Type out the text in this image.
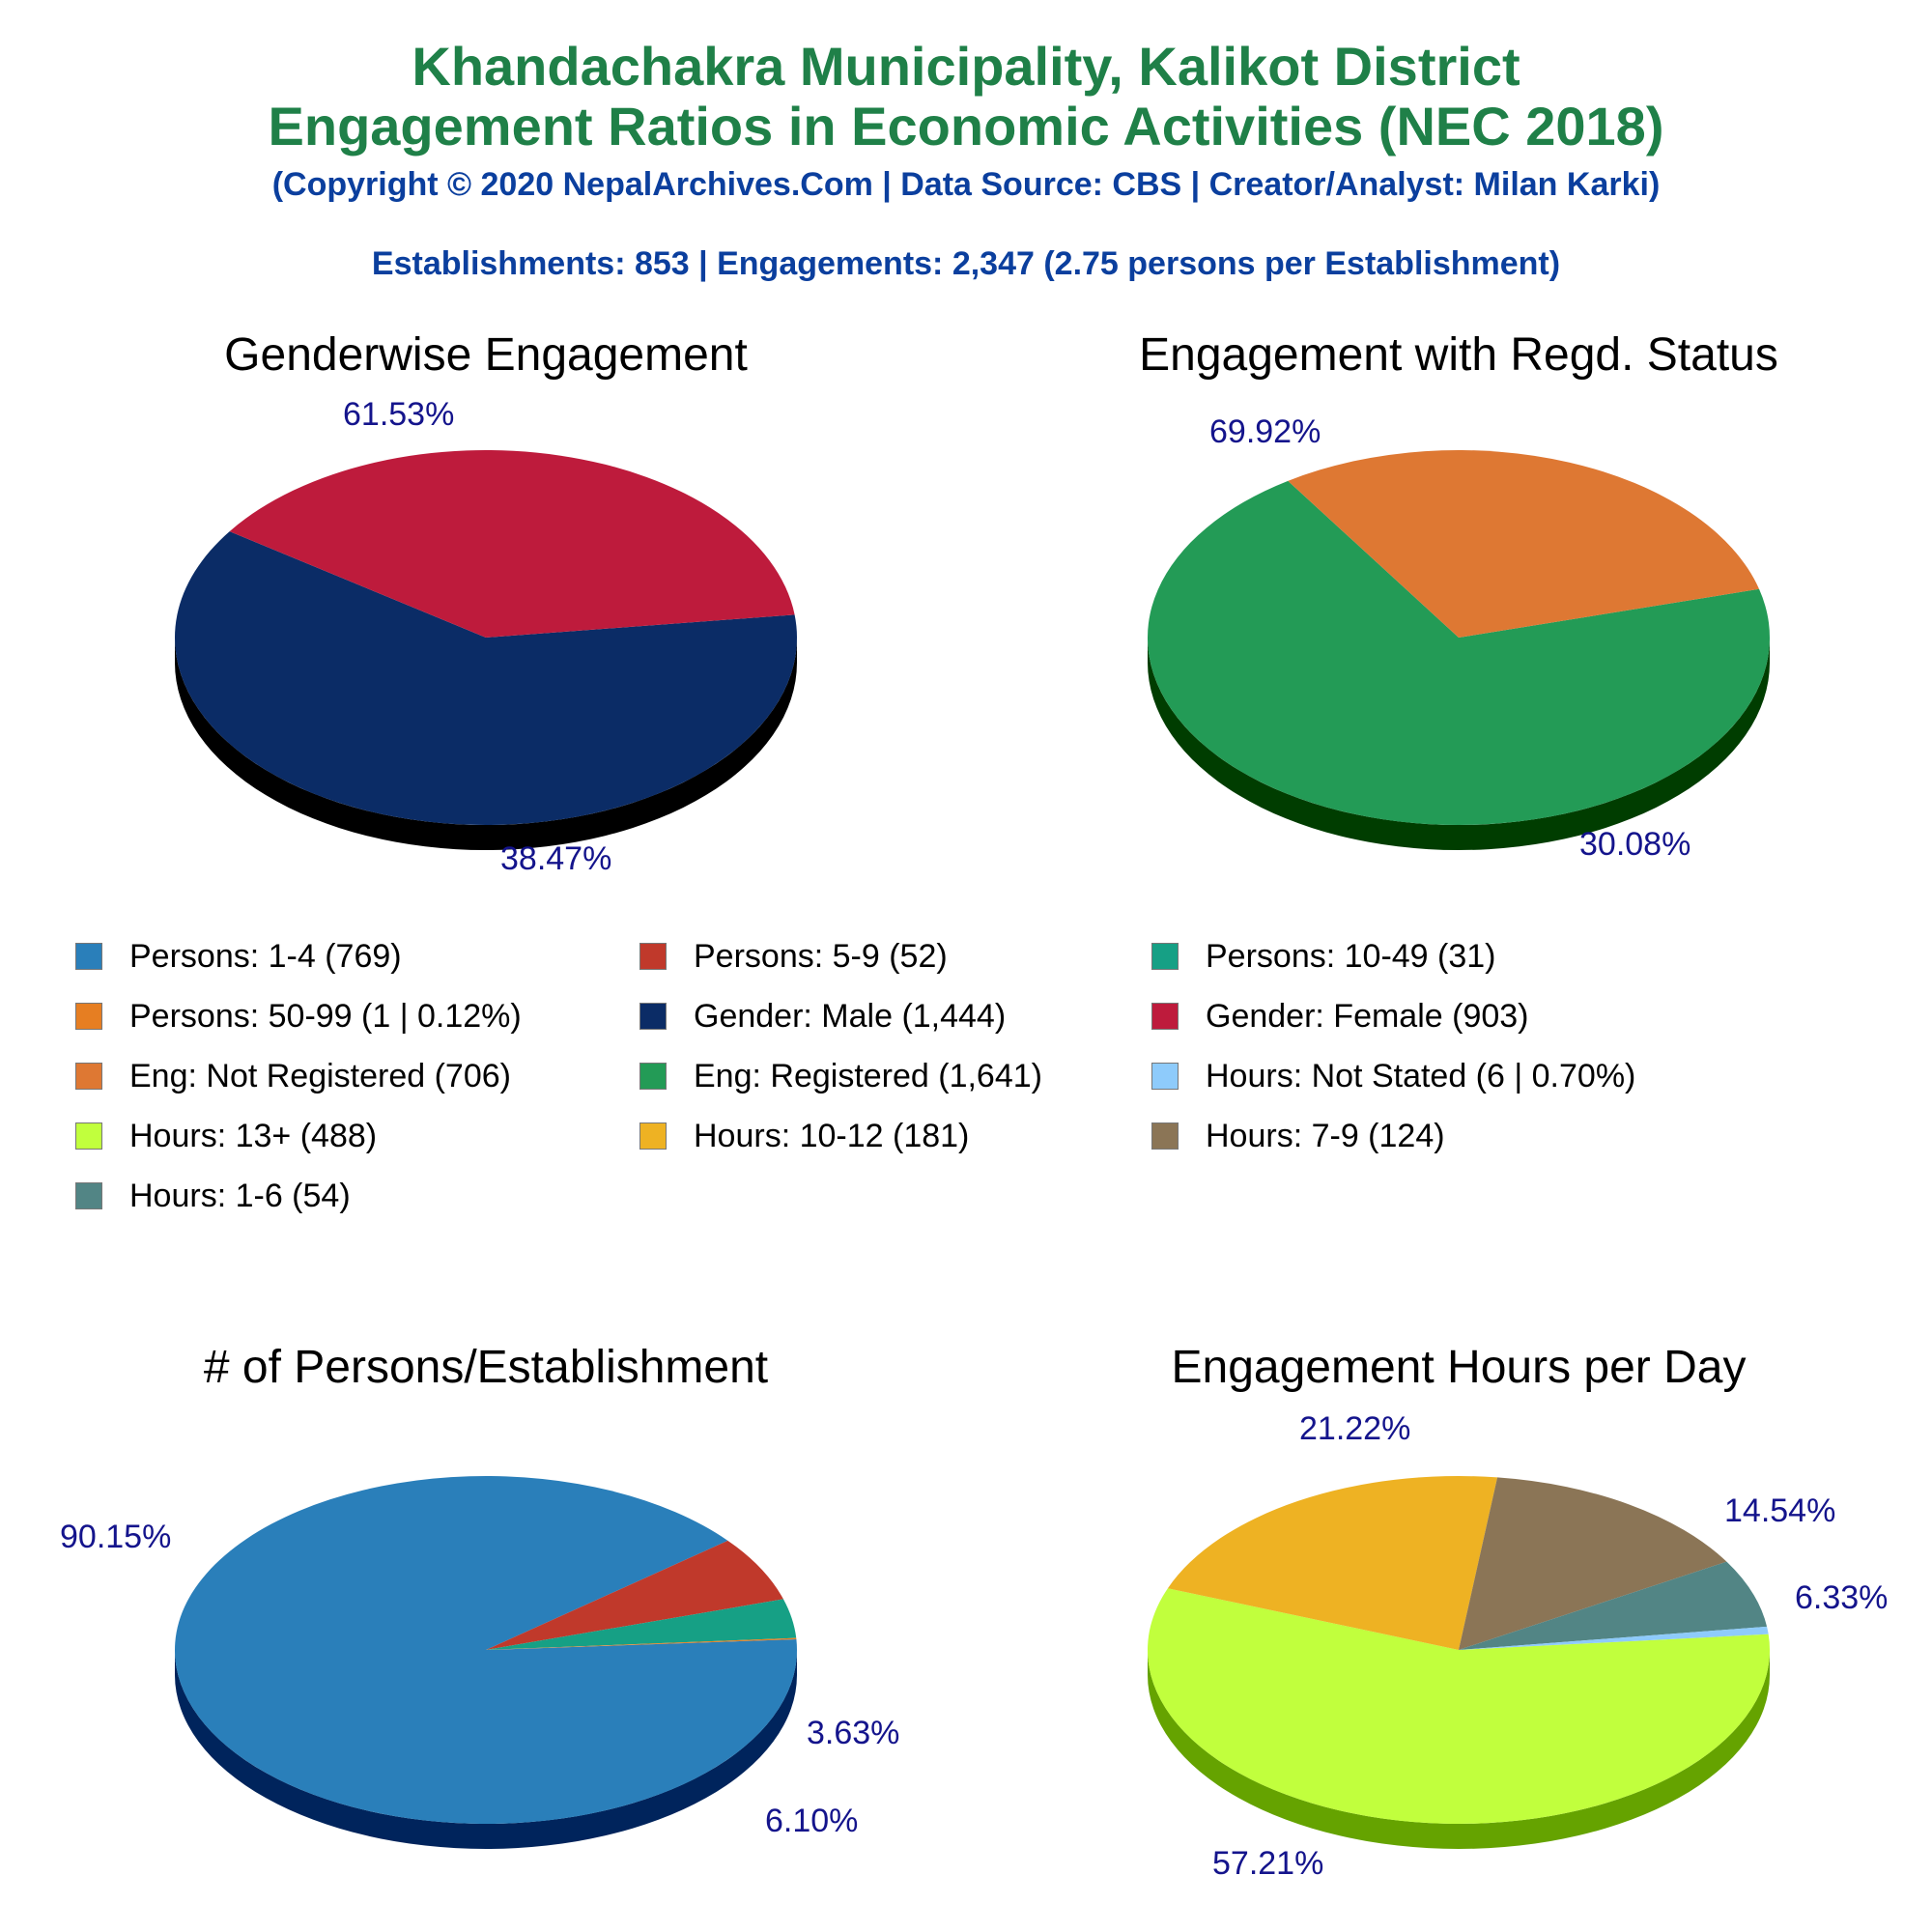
Khandachakra Municipality, Kalikot District
Engagement Ratios in Economic Activities (NEC 2018)
(Copyright © 2020 NepalArchives.Com | Data Source: CBS | Creator/Analyst: Milan Karki)
Establishments: 853 | Engagements: 2,347 (2.75 persons per Establishment)
Genderwise Engagement	Engagement with Regd. Status
# of Persons/Establishment	Engagement Hours per Day
61.53%
38.47%
69.92%
30.08%
90.15%
6.10%
3.63%
57.21%
21.22%
14.54%
6.33%
Persons: 1-4 (769)	Persons: 5-9 (52)	Persons: 10-49 (31)
Persons: 50-99 (1 | 0.12%)	Gender: Male (1,444)	Gender: Female (903)
Eng: Not Registered (706)	Eng: Registered (1,641)	Hours: Not Stated (6 | 0.70%)
Hours: 13+ (488)	Hours: 10-12 (181)	Hours: 7-9 (124)
Hours: 1-6 (54)
